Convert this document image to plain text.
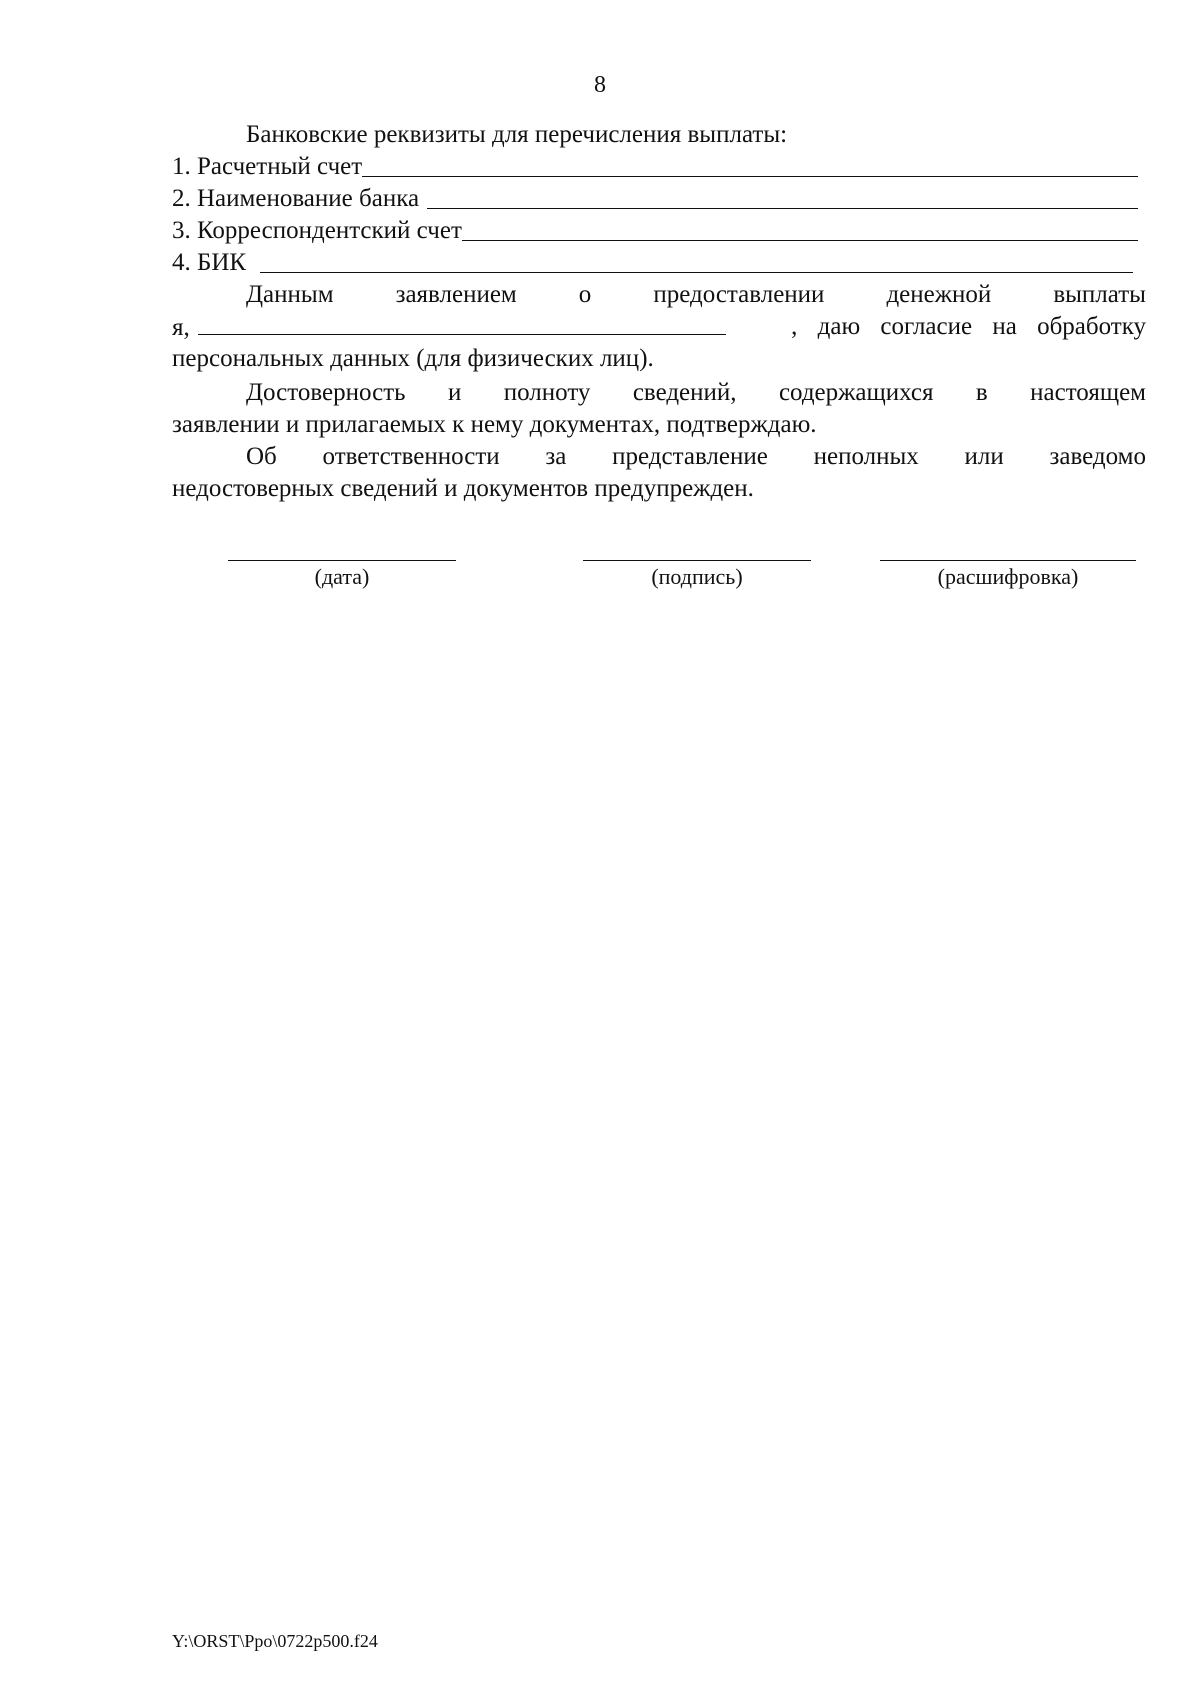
8
Банковские реквизиты для перечисления выплаты:
1. Расчетный счет
2. Наименование банка
3. Корреспондентский счет
4. БИК
Данным заявлением о предоставлении денежной выплаты
я,	, даю согласие на обработку
персональных данных (для физических лиц).
Достоверность и полноту сведений, содержащихся в настоящем
заявлении и прилагаемых к нему документах, подтверждаю.
Об ответственности за представление неполных или заведомо
недостоверных сведений и документов предупрежден.
(дата)	(подпись)	(расшифровка)
Y:\ORST\Ppo\0722p500.f24
